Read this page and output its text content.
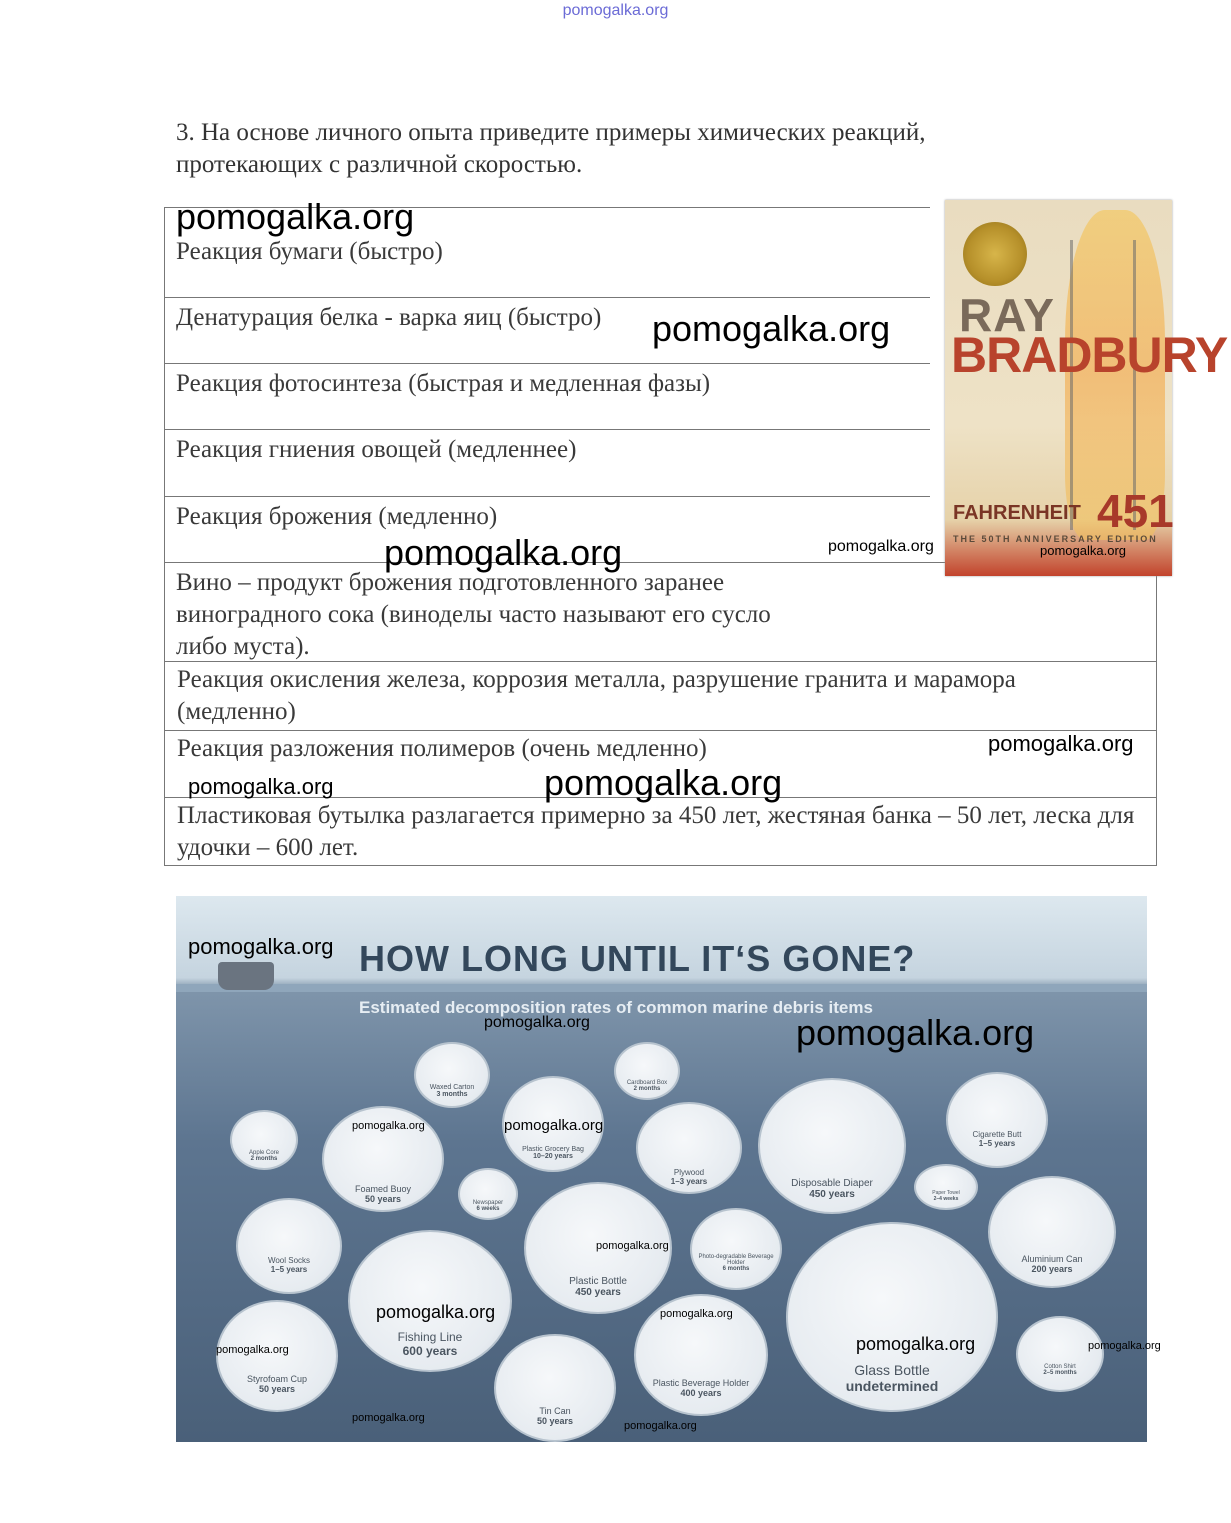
pomogalka.org
3. На основе личного опыта приведите примеры химических реакций, протекающих с различной скоростью.
Реакция бумаги (быстро)
Денатурация белка - варка яиц (быстро)
Реакция фотосинтеза (быстрая и медленная фазы)
Реакция гниения овощей (медленнее)
Реакция брожения (медленно)
Вино – продукт брожения подготовленного заранее виноградного сока (виноделы часто называют его сусло либо муста).
Реакция окисления железа, коррозия металла, разрушение гранита и марамора (медленно)
Реакция разложения полимеров (очень медленно)
Пластиковая бутылка разлагается примерно за 450 лет, жестяная банка – 50 лет, леска для удочки – 600 лет.
RAY
BRADBURY
451
FAHRENHEIT
THE 50TH ANNIVERSARY EDITION
HOW LONG UNTIL IT‘S GONE?
Estimated decomposition rates of common marine debris items
Waxed Carton
3 months
Cardboard Box
2 months
Apple Core
2 months
Foamed Buoy
50 years
Plastic Grocery Bag
10–20 years
Plywood
1–3 years	Disposable Diaper
450 years
Cigarette Butt
1–5 years
Paper Towel
2–4 weeks
Newspaper
6 weeks
Wool Socks
1–5 years
Plastic Bottle
450 years
Photo-degradable Beverage Holder
6 months
Aluminium Can
200 years
Fishing Line
600 years
Styrofoam Cup
50 years
Tin Can
50 years
Plastic Beverage Holder
400 years
Glass Bottle
undetermined
Cotton Shirt
2–5 months
pomogalka.org
pomogalka.org
pomogalka.org	pomogalka.org	pomogalka.org
pomogalka.org
pomogalka.org	pomogalka.org
pomogalka.org
pomogalka.org	pomogalka.org
pomogalka.org	pomogalka.org
pomogalka.org
pomogalka.org	pomogalka.org
pomogalka.org	pomogalka.org	pomogalka.org
pomogalka.org
pomogalka.org
